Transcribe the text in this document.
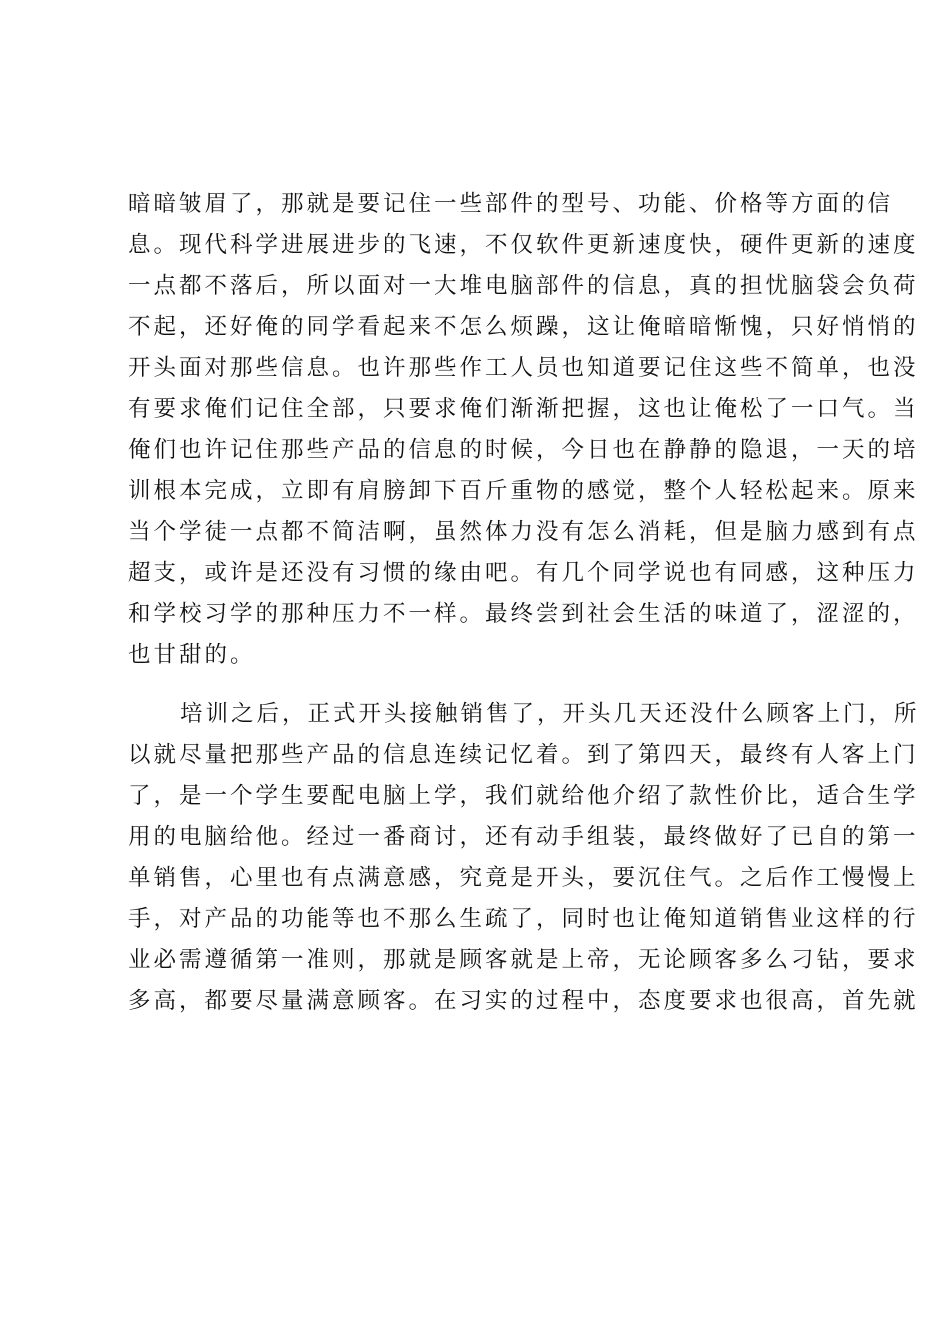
暗暗皱眉了，那就是要记住一些部件的型号、功能、价格等方面的信
息。现代科学进展进步的飞速，不仅软件更新速度快，硬件更新的速度
一点都不落后，所以面对一大堆电脑部件的信息，真的担忧脑袋会负荷
不起，还好俺的同学看起来不怎么烦躁，这让俺暗暗惭愧，只好悄悄的
开头面对那些信息。也许那些作工人员也知道要记住这些不简单，也没
有要求俺们记住全部，只要求俺们渐渐把握，这也让俺松了一口气。当
俺们也许记住那些产品的信息的时候，今日也在静静的隐退，一天的培
训根本完成，立即有肩膀卸下百斤重物的感觉，整个人轻松起来。原来
当个学徒一点都不简洁啊，虽然体力没有怎么消耗，但是脑力感到有点
超支，或许是还没有习惯的缘由吧。有几个同学说也有同感，这种压力
和学校习学的那种压力不一样。最终尝到社会生活的味道了，涩涩的，
也甘甜的。
培训之后，正式开头接触销售了，开头几天还没什么顾客上门，所
以就尽量把那些产品的信息连续记忆着。到了第四天，最终有人客上门
了，是一个学生要配电脑上学，我们就给他介绍了款性价比，适合生学
用的电脑给他。经过一番商讨，还有动手组装，最终做好了已自的第一
单销售，心里也有点满意感，究竟是开头，要沉住气。之后作工慢慢上
手，对产品的功能等也不那么生疏了，同时也让俺知道销售业这样的行
业必需遵循第一准则，那就是顾客就是上帝，无论顾客多么刁钻，要求
多高，都要尽量满意顾客。在习实的过程中，态度要求也很高，首先就
